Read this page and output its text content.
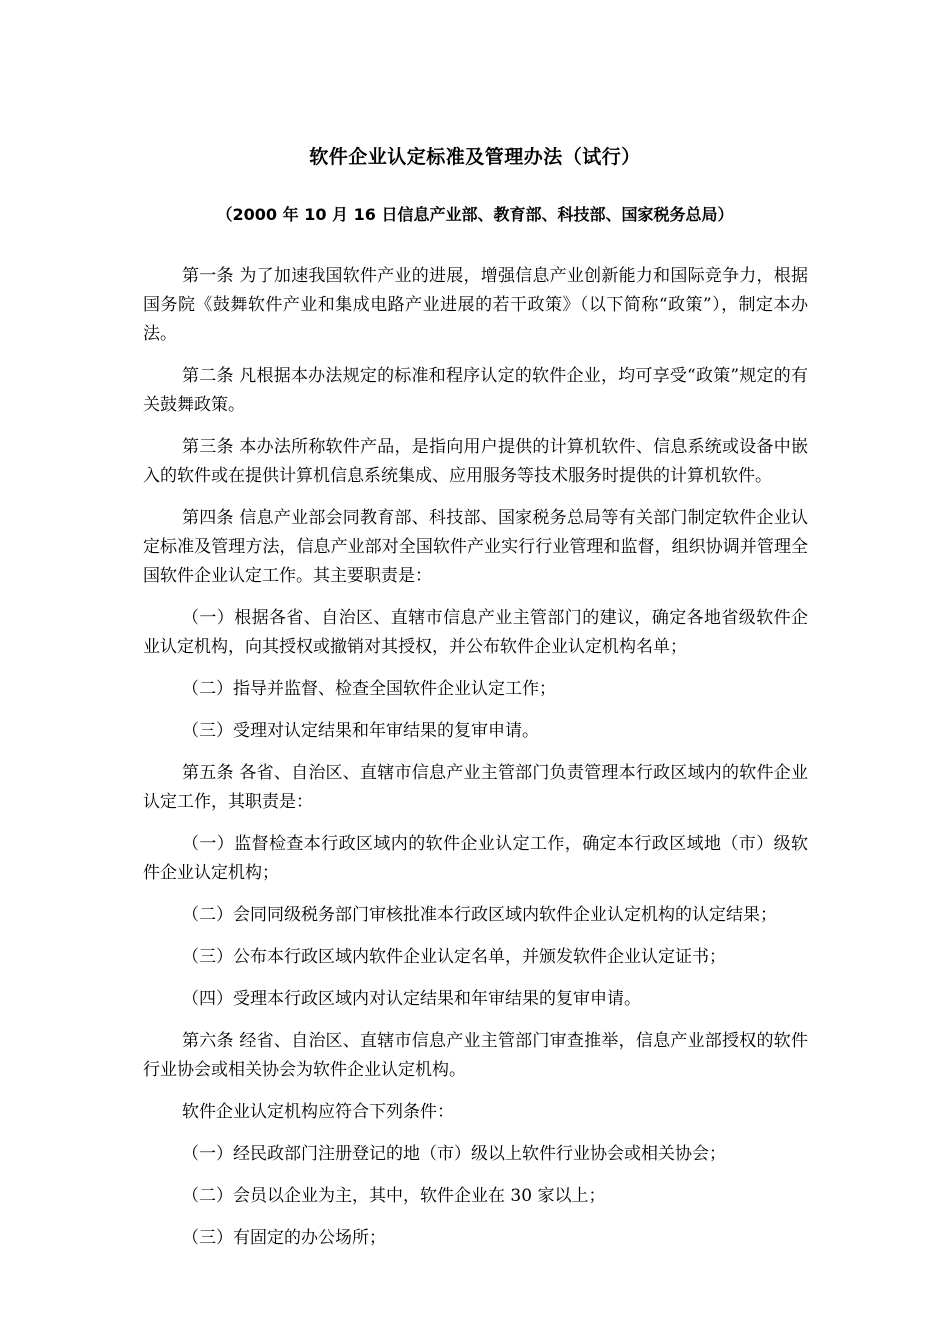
软件企业认定标准及管理办法（试行）
（2000 年 10 月 16 日信息产业部、教育部、科技部、国家税务总局）

第一条 为了加速我国软件产业的进展，增强信息产业创新能力和国际竞争力，根据国务院《鼓舞软件产业和集成电路产业进展的若干政策》（以下简称“政策”），制定本办法。

第二条 凡根据本办法规定的标准和程序认定的软件企业，均可享受“政策”规定的有关鼓舞政策。

第三条 本办法所称软件产品，是指向用户提供的计算机软件、信息系统或设备中嵌入的软件或在提供计算机信息系统集成、应用服务等技术服务时提供的计算机软件。

第四条 信息产业部会同教育部、科技部、国家税务总局等有关部门制定软件企业认定标准及管理方法，信息产业部对全国软件产业实行行业管理和监督，组织协调并管理全国软件企业认定工作。其主要职责是：

（一）根据各省、自治区、直辖市信息产业主管部门的建议，确定各地省级软件企业认定机构，向其授权或撤销对其授权，并公布软件企业认定机构名单；

（二）指导并监督、检查全国软件企业认定工作；

（三）受理对认定结果和年审结果的复审申请。

第五条 各省、自治区、直辖市信息产业主管部门负责管理本行政区域内的软件企业认定工作，其职责是：

（一）监督检查本行政区域内的软件企业认定工作，确定本行政区域地（市）级软件企业认定机构；

（二）会同同级税务部门审核批准本行政区域内软件企业认定机构的认定结果；

（三）公布本行政区域内软件企业认定名单，并颁发软件企业认定证书；

（四）受理本行政区域内对认定结果和年审结果的复审申请。

第六条 经省、自治区、直辖市信息产业主管部门审查推举，信息产业部授权的软件行业协会或相关协会为软件企业认定机构。

软件企业认定机构应符合下列条件：

（一）经民政部门注册登记的地（市）级以上软件行业协会或相关协会；

（二）会员以企业为主，其中，软件企业在 30 家以上；

（三）有固定的办公场所；
